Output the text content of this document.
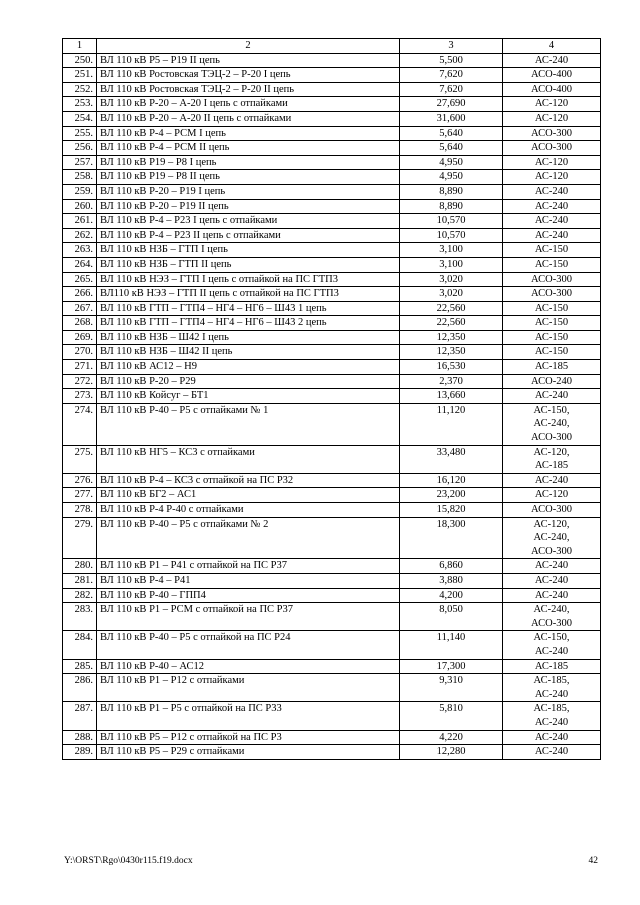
1	2	3	4
250.	ВЛ 110 кВ Р5 – Р19 II цепь	5,500	АС-240

251.	ВЛ 110 кВ Ростовская ТЭЦ-2 – Р-20 I цепь	7,620	АСО-400

252.	ВЛ 110 кВ Ростовская ТЭЦ-2 – Р-20 II цепь	7,620	АСО-400

253.	ВЛ 110 кВ Р-20 – А-20 I цепь с отпайками	27,690	АС-120

254.	ВЛ 110 кВ Р-20 – А-20 II цепь с отпайками	31,600	АС-120

255.	ВЛ 110 кВ Р-4 – РСМ I цепь	5,640	АСО-300

256.	ВЛ 110 кВ Р-4 – РСМ II цепь	5,640	АСО-300

257.	ВЛ 110 кВ Р19 – Р8 I цепь	4,950	АС-120

258.	ВЛ 110 кВ Р19 – Р8 II цепь	4,950	АС-120

259.	ВЛ 110 кВ Р-20 – Р19 I цепь	8,890	АС-240

260.	ВЛ 110 кВ Р-20 – Р19 II цепь	8,890	АС-240

261.	ВЛ 110 кВ Р-4 – Р23 I цепь с отпайками	10,570	АС-240

262.	ВЛ 110 кВ Р-4 – Р23 II цепь с отпайками	10,570	АС-240

263.	ВЛ 110 кВ НЗБ – ГТП I цепь	3,100	АС-150

264.	ВЛ 110 кВ НЗБ – ГТП II цепь	3,100	АС-150

265.	ВЛ 110 кВ НЭЗ – ГТП I цепь с отпайкой на ПС ГТП3	3,020	АСО-300

266.	ВЛ110 кВ НЭЗ – ГТП II цепь с отпайкой на ПС ГТП3	3,020	АСО-300

267.	ВЛ 110 кВ ГТП – ГТП4 – НГ4 – НГ6 – Ш43 1 цепь	22,560	АС-150

268.	ВЛ 110 кВ ГТП – ГТП4 – НГ4 – НГ6 – Ш43 2 цепь	22,560	АС-150

269.	ВЛ 110 кВ НЗБ – Ш42 I цепь	12,350	АС-150

270.	ВЛ 110 кВ НЗБ – Ш42 II цепь	12,350	АС-150

271.	ВЛ 110 кВ АС12 – Н9	16,530	АС-185

272.	ВЛ 110 кВ Р-20 – Р29	2,370	АСО-240

273.	ВЛ 110 кВ Койсуг – БТ1	13,660	АС-240

274.	ВЛ 110 кВ Р-40 – Р5 с отпайками № 1	11,120	АС-150,
АС-240,
АСО-300

275.	ВЛ 110 кВ НГ5 – КС3 с отпайками	33,480	АС-120,
АС-185

276.	ВЛ 110 кВ Р-4 – КС3 с отпайкой на ПС Р32	16,120	АС-240

277.	ВЛ 110 кВ БГ2 – АС1	23,200	АС-120

278.	ВЛ 110 кВ Р-4 Р-40 с отпайками	15,820	АСО-300

279.	ВЛ 110 кВ Р-40 – Р5 с отпайками № 2	18,300	АС-120,
АС-240,
АСО-300

280.	ВЛ 110 кВ Р1 – Р41 с отпайкой на ПС Р37	6,860	АС-240

281.	ВЛ 110 кВ Р-4 – Р41	3,880	АС-240

282.	ВЛ 110 кВ Р-40 – ГПП4	4,200	АС-240

283.	ВЛ 110 кВ Р1 – РСМ с отпайкой на ПС Р37	8,050	АС-240,
АСО-300

284.	ВЛ 110 кВ Р-40 – Р5 с отпайкой на ПС Р24	11,140	АС-150,
АС-240

285.	ВЛ 110 кВ Р-40 – АС12	17,300	АС-185

286.	ВЛ 110 кВ Р1 – Р12 с отпайками	9,310	АС-185,
АС-240

287.	ВЛ 110 кВ Р1 – Р5 с отпайкой на ПС Р33	5,810	АС-185,
АС-240

288.	ВЛ 110 кВ Р5 – Р12 с отпайкой на ПС Р3	4,220	АС-240

289.	ВЛ 110 кВ Р5 – Р29 с отпайками	12,280	АС-240
Y:\ORST\Rgo\0430r115.f19.docx	42
